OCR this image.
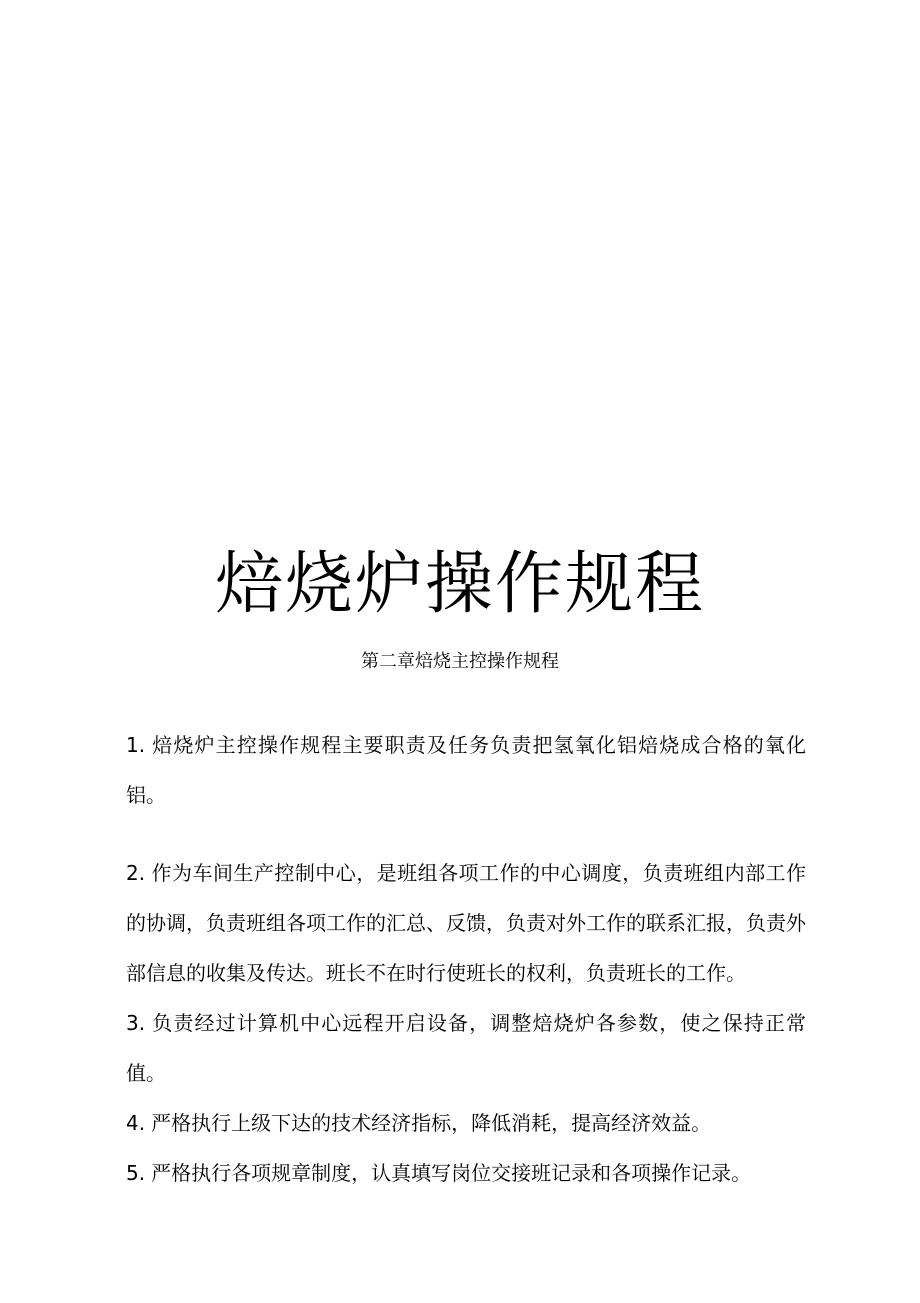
焙烧炉操作规程

第二章焙烧主控操作规程

1. 焙烧炉主控操作规程主要职责及任务负责把氢氧化铝焙烧成合格的氧化铝。

2. 作为车间生产控制中心，是班组各项工作的中心调度，负责班组内部工作的协调，负责班组各项工作的汇总、反馈，负责对外工作的联系汇报，负责外部信息的收集及传达。班长不在时行使班长的权利，负责班长的工作。

3. 负责经过计算机中心远程开启设备，调整焙烧炉各参数，使之保持正常值。

4. 严格执行上级下达的技术经济指标，降低消耗，提高经济效益。

5. 严格执行各项规章制度，认真填写岗位交接班记录和各项操作记录。
